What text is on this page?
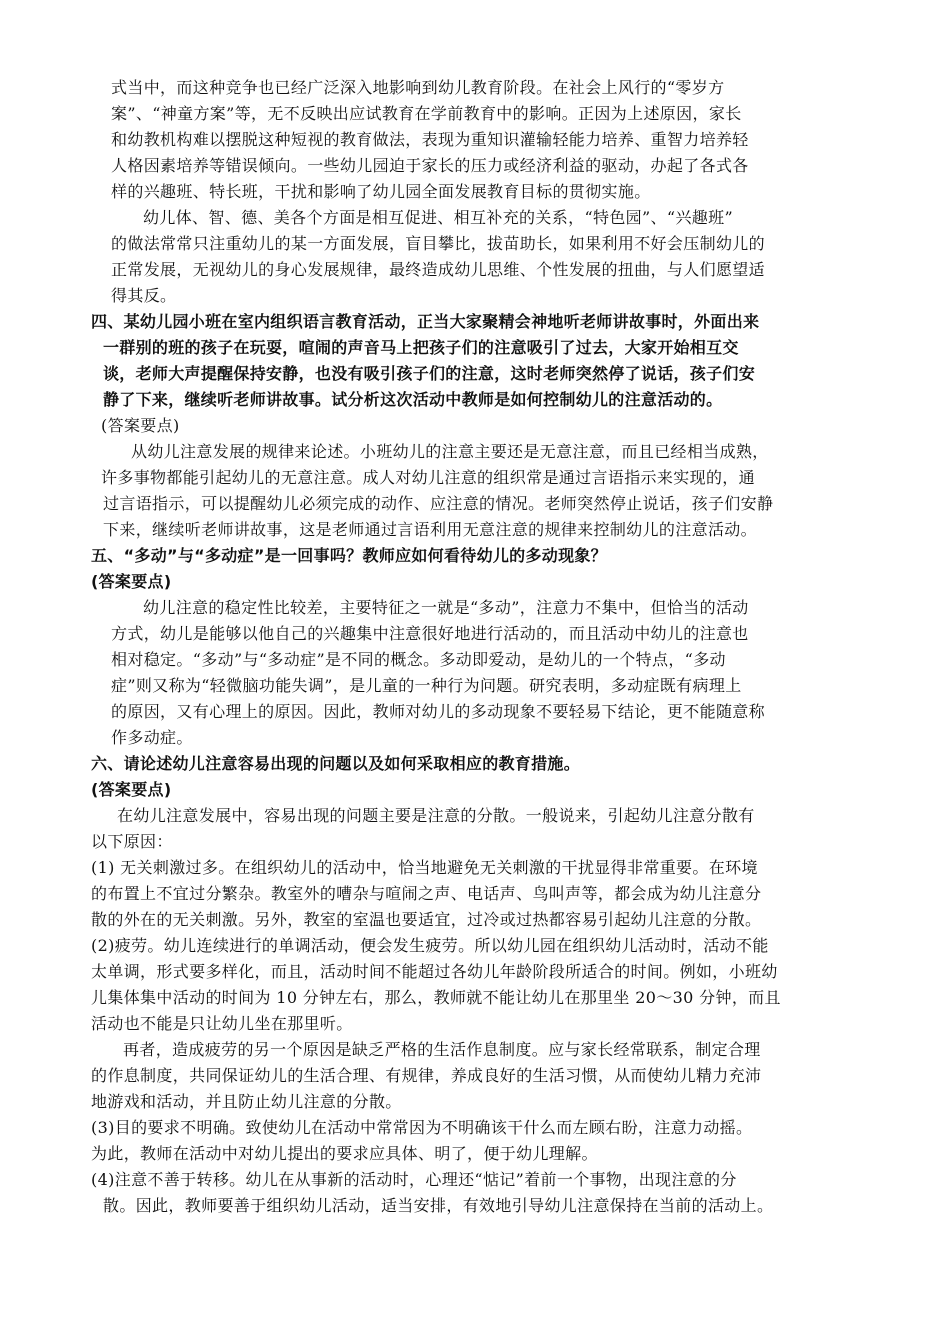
式当中，而这种竞争也已经广泛深入地影响到幼儿教育阶段。在社会上风行的“零岁方
案”、“神童方案”等，无不反映出应试教育在学前教育中的影响。正因为上述原因，家长
和幼教机构难以摆脱这种短视的教育做法，表现为重知识灌输轻能力培养、重智力培养轻
人格因素培养等错误倾向。一些幼儿园迫于家长的压力或经济利益的驱动，办起了各式各
样的兴趣班、特长班，干扰和影响了幼儿园全面发展教育目标的贯彻实施。
幼儿体、智、德、美各个方面是相互促进、相互补充的关系，“特色园”、“兴趣班”
的做法常常只注重幼儿的某一方面发展，盲目攀比，拔苗助长，如果利用不好会压制幼儿的
正常发展，无视幼儿的身心发展规律，最终造成幼儿思维、个性发展的扭曲，与人们愿望适
得其反。
四、某幼儿园小班在室内组织语言教育活动，正当大家聚精会神地听老师讲故事时，外面出来
一群别的班的孩子在玩耍，喧闹的声音马上把孩子们的注意吸引了过去，大家开始相互交
谈，老师大声提醒保持安静，也没有吸引孩子们的注意，这时老师突然停了说话，孩子们安
静了下来，继续听老师讲故事。试分析这次活动中教师是如何控制幼儿的注意活动的。
(答案要点)
从幼儿注意发展的规律来论述。小班幼儿的注意主要还是无意注意，而且已经相当成熟，
许多事物都能引起幼儿的无意注意。成人对幼儿注意的组织常是通过言语指示来实现的，通
过言语指示，可以提醒幼儿必须完成的动作、应注意的情况。老师突然停止说话，孩子们安静
下来，继续听老师讲故事，这是老师通过言语利用无意注意的规律来控制幼儿的注意活动。
五、“多动”与“多动症”是一回事吗？教师应如何看待幼儿的多动现象？
(答案要点)
幼儿注意的稳定性比较差，主要特征之一就是“多动”，注意力不集中，但恰当的活动
方式，幼儿是能够以他自己的兴趣集中注意很好地进行活动的，而且活动中幼儿的注意也
相对稳定。“多动”与“多动症”是不同的概念。多动即爱动，是幼儿的一个特点，“多动
症”则又称为“轻微脑功能失调”，是儿童的一种行为问题。研究表明，多动症既有病理上
的原因，又有心理上的原因。因此，教师对幼儿的多动现象不要轻易下结论，更不能随意称
作多动症。
六、请论述幼儿注意容易出现的问题以及如何采取相应的教育措施。
(答案要点)
在幼儿注意发展中，容易出现的问题主要是注意的分散。一般说来，引起幼儿注意分散有
以下原因：
(1) 无关刺激过多。在组织幼儿的活动中，恰当地避免无关刺激的干扰显得非常重要。在环境
的布置上不宜过分繁杂。教室外的嘈杂与喧闹之声、电话声、鸟叫声等，都会成为幼儿注意分
散的外在的无关刺激。另外，教室的室温也要适宜，过冷或过热都容易引起幼儿注意的分散。
(2)疲劳。幼儿连续进行的单调活动，便会发生疲劳。所以幼儿园在组织幼儿活动时，活动不能
太单调，形式要多样化，而且，活动时间不能超过各幼儿年龄阶段所适合的时间。例如，小班幼
儿集体集中活动的时间为 10 分钟左右，那么，教师就不能让幼儿在那里坐 20～30 分钟，而且
活动也不能是只让幼儿坐在那里听。
再者，造成疲劳的另一个原因是缺乏严格的生活作息制度。应与家长经常联系，制定合理
的作息制度，共同保证幼儿的生活合理、有规律，养成良好的生活习惯，从而使幼儿精力充沛
地游戏和活动，并且防止幼儿注意的分散。
(3)目的要求不明确。致使幼儿在活动中常常因为不明确该干什么而左顾右盼，注意力动摇。
为此，教师在活动中对幼儿提出的要求应具体、明了，便于幼儿理解。
(4)注意不善于转移。幼儿在从事新的活动时，心理还“惦记”着前一个事物，出现注意的分
散。因此，教师要善于组织幼儿活动，适当安排，有效地引导幼儿注意保持在当前的活动上。
